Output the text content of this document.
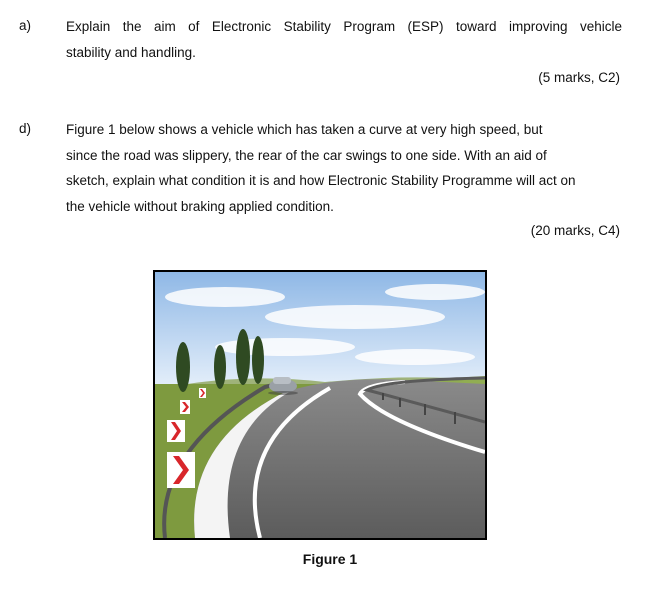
a)	Explain the aim of Electronic Stability Program (ESP) toward improving vehicle

stability and handling.

(5 marks, C2)
d)	Figure 1 below shows a vehicle which has taken a curve at very high speed, but

since the road was slippery, the rear of the car swings to one side. With an aid of

sketch, explain what condition it is and how Electronic Stability Programme will act on

the vehicle without braking applied condition.

(20 marks, C4)
Figure 1
